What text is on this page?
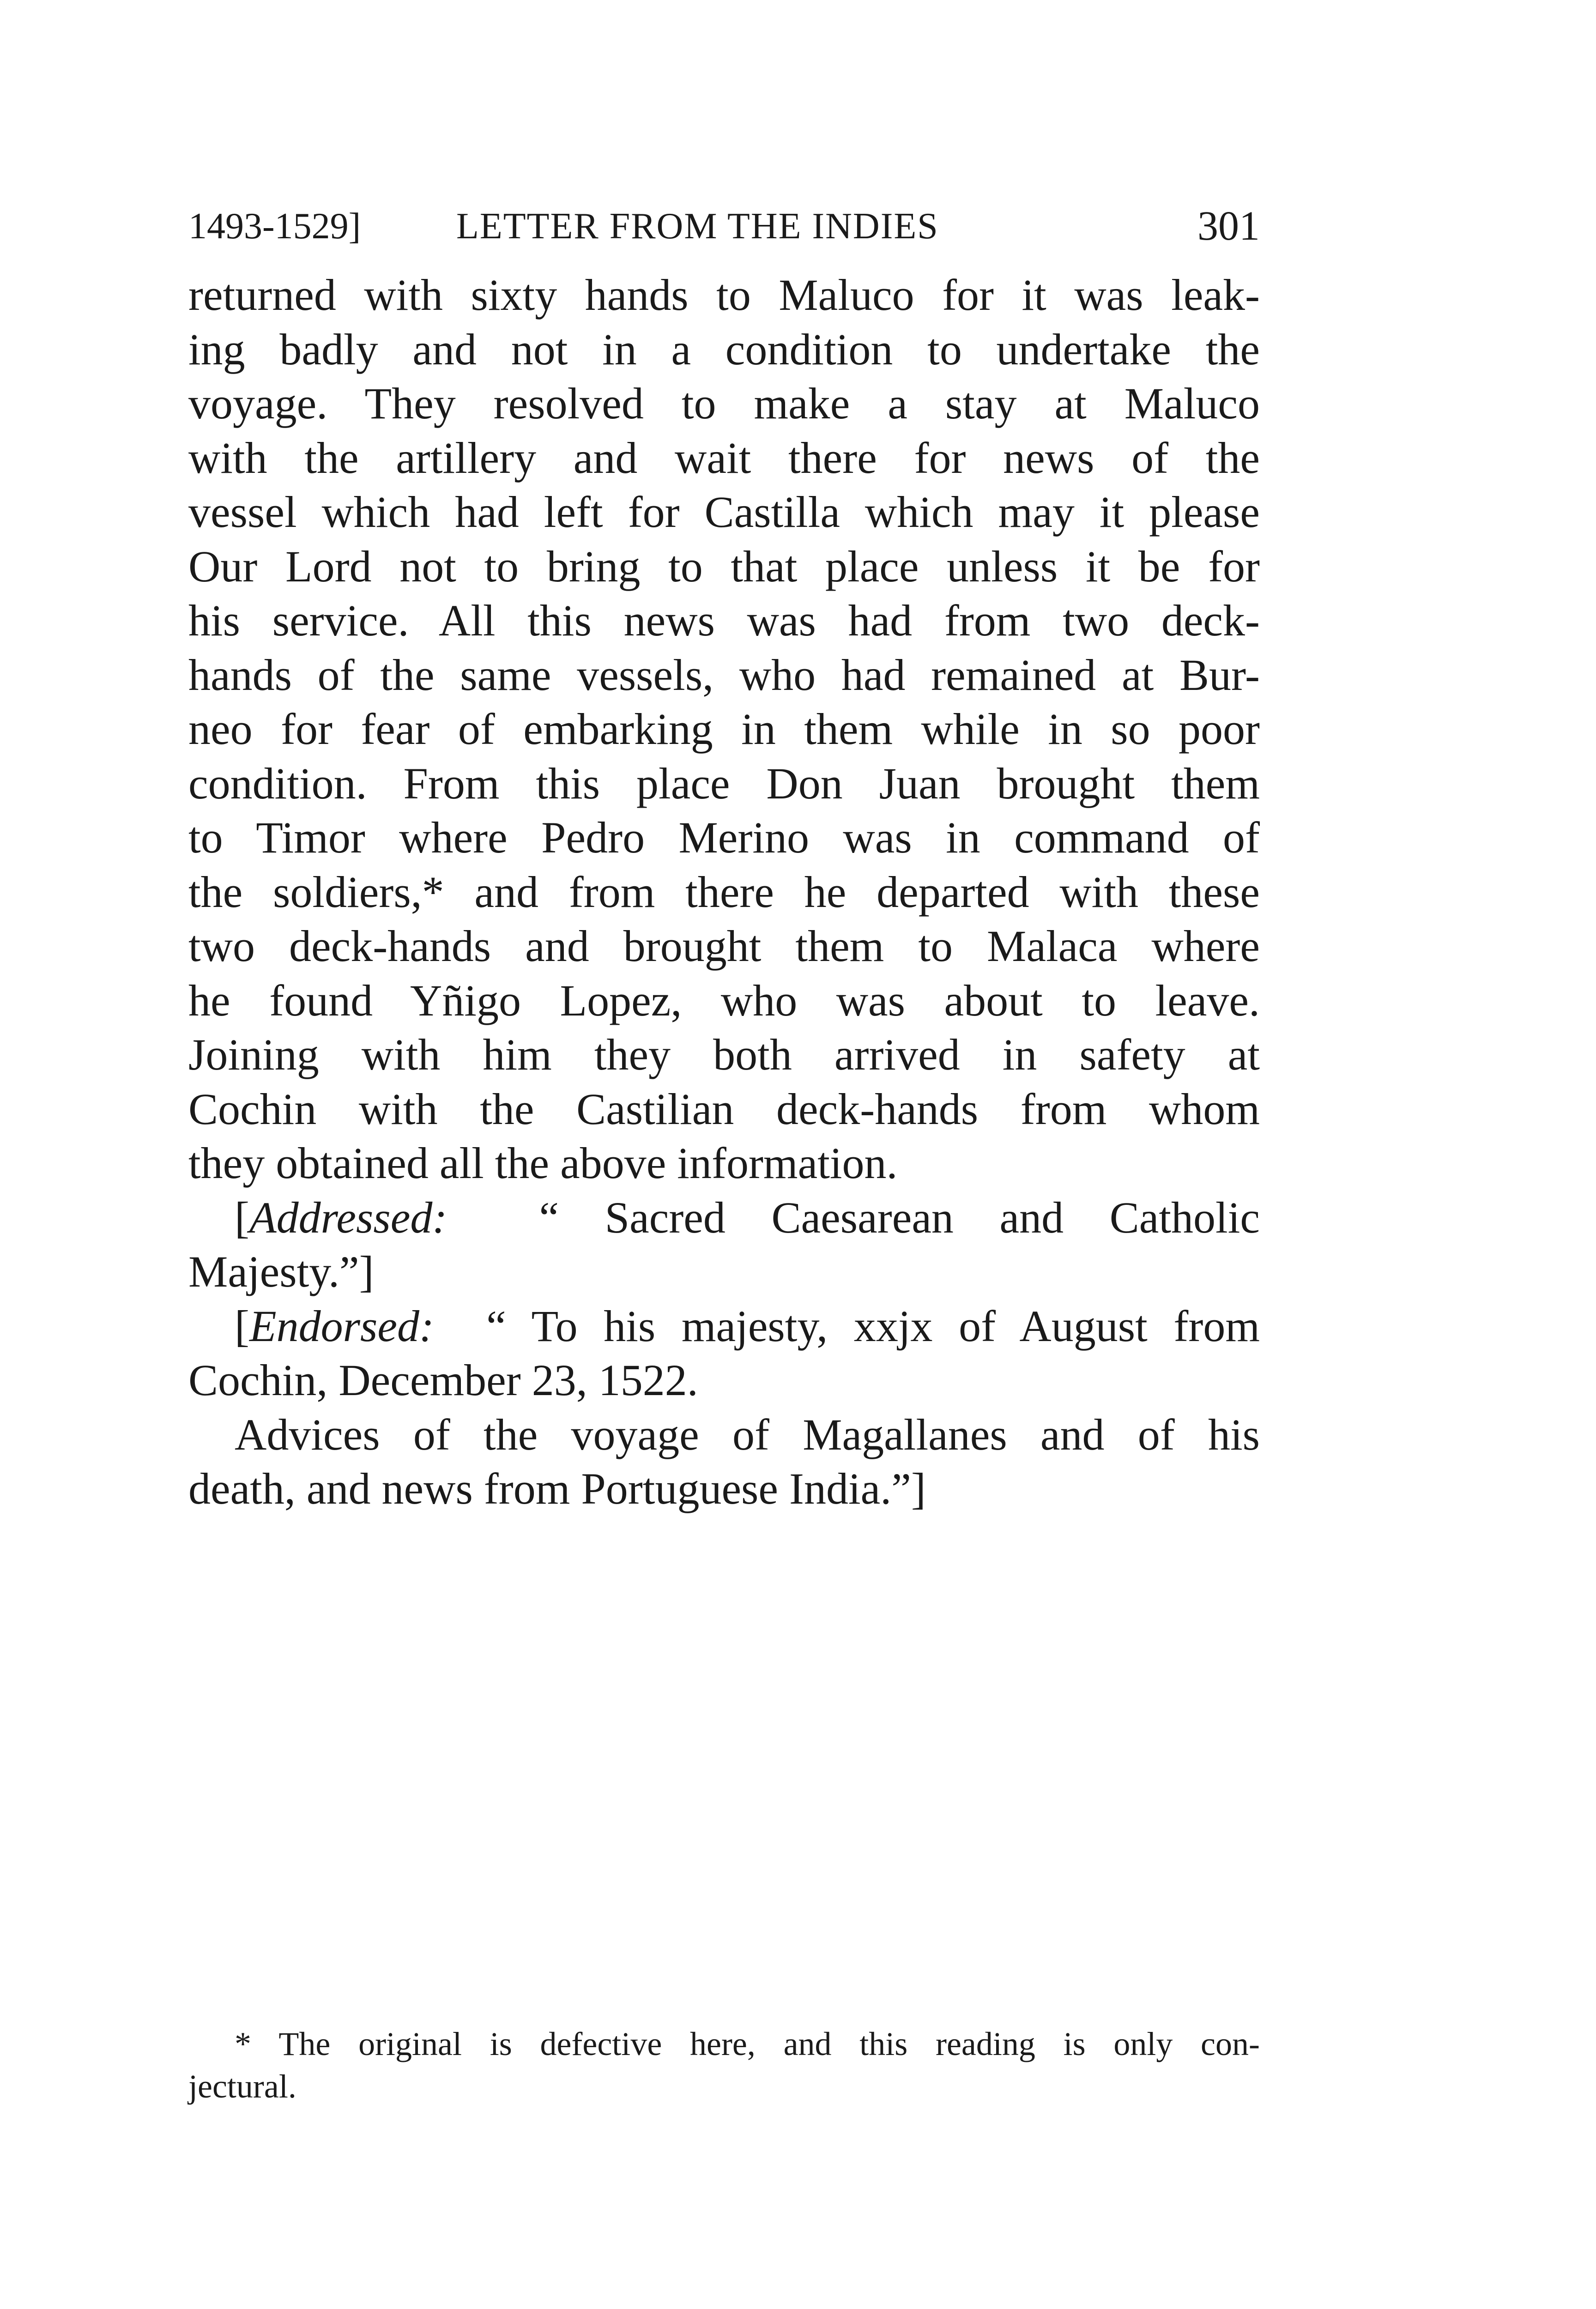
1493-1529]	LETTER FROM THE INDIES	301
returned with sixty hands to Maluco for it was leak-
ing badly and not in a condition to undertake the
voyage. They resolved to make a stay at Maluco
with the artillery and wait there for news of the
vessel which had left for Castilla which may it please
Our Lord not to bring to that place unless it be for
his service. All this news was had from two deck-
hands of the same vessels, who had remained at Bur-
neo for fear of embarking in them while in so poor
condition. From this place Don Juan brought them
to Timor where Pedro Merino was in command of
the soldiers,* and from there he departed with these
two deck-hands and brought them to Malaca where
he found Yñigo Lopez, who was about to leave.
Joining with him they both arrived in safety at
Cochin with the Castilian deck-hands from whom
they obtained all the above information.
[Addressed: “ Sacred Caesarean and Catholic
Majesty.”]
[Endorsed: “ To his majesty, xxjx of August from
Cochin, December 23, 1522.
Advices of the voyage of Magallanes and of his
death, and news from Portuguese India.”]
* The original is defective here, and this reading is only con-
jectural.
